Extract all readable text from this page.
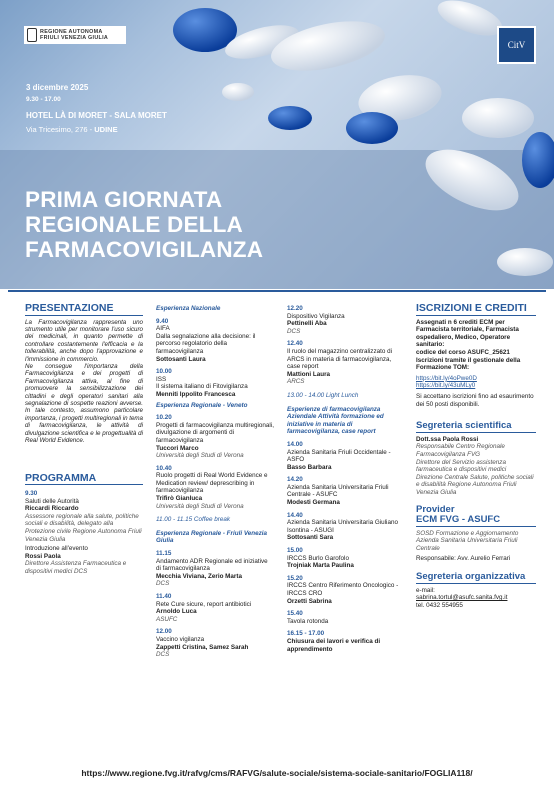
REGIONE AUTONOMA
FRIULI VENEZIA GIULIA
CitV
3 dicembre 2025
9.30 - 17.00
HOTEL LÀ DI MORET - SALA MORET
Via Tricesimo, 276 - UDINE
PRIMA GIORNATA
REGIONALE DELLA
FARMACOVIGILANZA
PRESENTAZIONE

La Farmacovigilanza rappresenta uno strumento utile per monitorare l'uso sicuro dei medicinali, in quanto permette di controllare costantemente l'efficacia e la tollerabilità, anche dopo l'approvazione e l'immissione in commercio.

Ne consegue l'importanza della Farmacovigilanza e dei progetti di Farmacovigilanza attiva, al fine di promuovere la sensibilizzazione dei cittadini e degli operatori sanitari alla segnalazione di sospette reazioni avverse. In tale contesto, assumono particolare importanza, i progetti multiregionali in tema di farmacovigilanza, le attività di divulgazione scientifica e le progettualità di Real World Evidence.

PROGRAMMA
9.30
Saluti delle Autorità
Riccardi Riccardo
Assessore regionale alla salute, politiche sociali e disabilità, delegato alla Protezione civile Regione Autonoma Friuli Venezia Giulia
Introduzione all'evento
Rossi Paola
Direttore Assistenza Farmaceutica e dispositivi medici DCS
Esperienza Nazionale
9.40
AIFA
Dalla segnalazione alla decisione: il percorso regolatorio della farmacovigilanza
Sottosanti Laura
10.00
ISS
Il sistema italiano di Fitovigilanza
Menniti Ippolito Francesca
Esperienza Regionale - Veneto
10.20
Progetti di farmacovigilanza multiregionali, divulgazione di argomenti di farmacovigilanza
Tuccori Marco
Università degli Studi di Verona
10.40
Ruolo progetti di Real World Evidence e Medication review/ deprescribing in farmacovigilanza
Trifirò Gianluca
Università degli Studi di Verona
11.00 - 11.15 Coffee break
Esperienza Regionale - Friuli Venezia Giulia
11.15
Andamento ADR Regionale ed iniziative di farmacovigilanza
Mecchia Viviana, Zerio Marta
DCS
11.40
Rete Cure sicure, report antibiotici
Arnoldo Luca
ASUFC
12.00
Vaccino vigilanza
Zappetti Cristina, Samez Sarah
DCS
12.20
Dispositivo Vigilanza
Pettinelli Aba
DCS
12.40
Il ruolo del magazzino centralizzato di ARCS in materia di farmacovigilanza, case report
Mattioni Laura
ARCS
13.00 - 14.00 Light Lunch
Esperienze di farmacovigilanza Aziendale Attività formazione ed iniziative in materia di farmacovigilanza, case report
14.00
Azienda Sanitaria Friuli Occidentale - ASFO
Basso Barbara
14.20
Azienda Sanitaria Universitaria Friuli Centrale - ASUFC
Modesti Germana
14.40
Azienda Sanitaria Universitaria Giuliano Isontina - ASUGI
Sottosanti Sara
15.00
IRCCS Burlo Garofolo
Trojniak Marta Paulina
15.20
IRCCS Centro Riferimento Oncologico - IRCCS CRO
Orzetti Sabrina
15.40
Tavola rotonda
16.15 - 17.00
Chiusura dei lavori e verifica di apprendimento
ISCRIZIONI E CREDITI
Assegnati n 6 crediti ECM per Farmacista territoriale, Farmacista ospedaliero, Medico, Operatore sanitario:
codice del corso ASUFC_25621
Iscrizioni tramite il gestionale della Formazione TOM:
https://bit.ly/4oPwe0D
https://bit.ly/43uMLy0
Si accettano iscrizioni fino ad esaurimento dei 50 posti disponibili.
Segreteria scientifica
Dott.ssa Paola Rossi
Responsabile Centro Regionale Farmacovigilanza FVG
Direttore del Servizio assistenza farmaceutica e dispositivi medici
Direzione Centrale Salute, politiche sociali e disabilità Regione Autonoma Friuli Venezia Giulia
Provider
ECM FVG - ASUFC
SOSD Formazione e Aggiornamento
Azienda Sanitaria Universitaria Friuli Centrale
Responsabile: Avv. Aurelio Ferrari
Segreteria organizzativa
e-mail:
sabrina.tortul@asufc.sanita.fvg.it
tel. 0432 554955
https://www.regione.fvg.it/rafvg/cms/RAFVG/salute-sociale/sistema-sociale-sanitario/FOGLIA118/
